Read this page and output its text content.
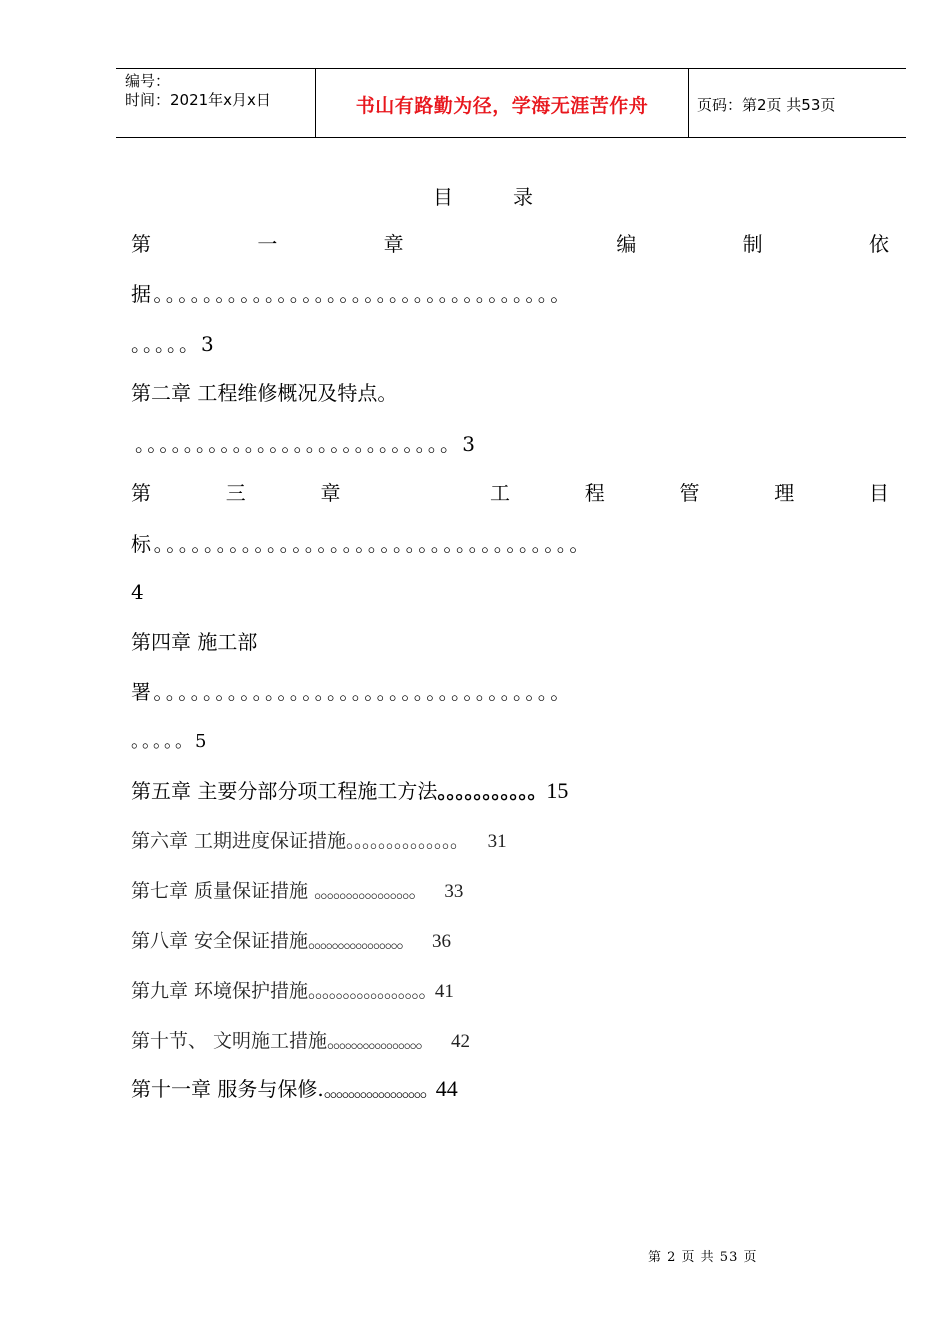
编号：
时间：2021年x月x日	书山有路勤为径，学海无涯苦作舟	页码：第2页 共53页
目录
第	一	章	编	制	依
据。。。。。。。。。。。。。。。。。。。。。。。。。。。。。。。。。
。。。。。3
第二章 工程维修概况及特点。
。。。。。。。。。。。。。。。。。。。。。。。。。。3
第	三	章	工	程	管	理	目
标。。。。。。。。。。。。。。。。。。。。。。。。。。。。。。。。。。
4
第四章 施工部
署。。。。。。。。。。。。。。。。。。。。。。。。。。。。。。。。。
。。。。。5
第五章 主要分部分项工程施工方法。。。。。。。。。。。15
第六章 工期进度保证措施。。。。。。。。。。。。。。 31
第七章 质量保证措施 。。。。。。。。。。。。。。。。 33
第八章 安全保证措施。。。。。。。。。。。。。。。。 36
第九章 环境保护措施。。。。。。。。。。。。。。。。。41
第十节、 文明施工措施。。。。。。。。。。。。。。。。 42
第十一章 服务与保修.。。。。。。。。。。。。。。。。。44
第 2 页 共 53 页
